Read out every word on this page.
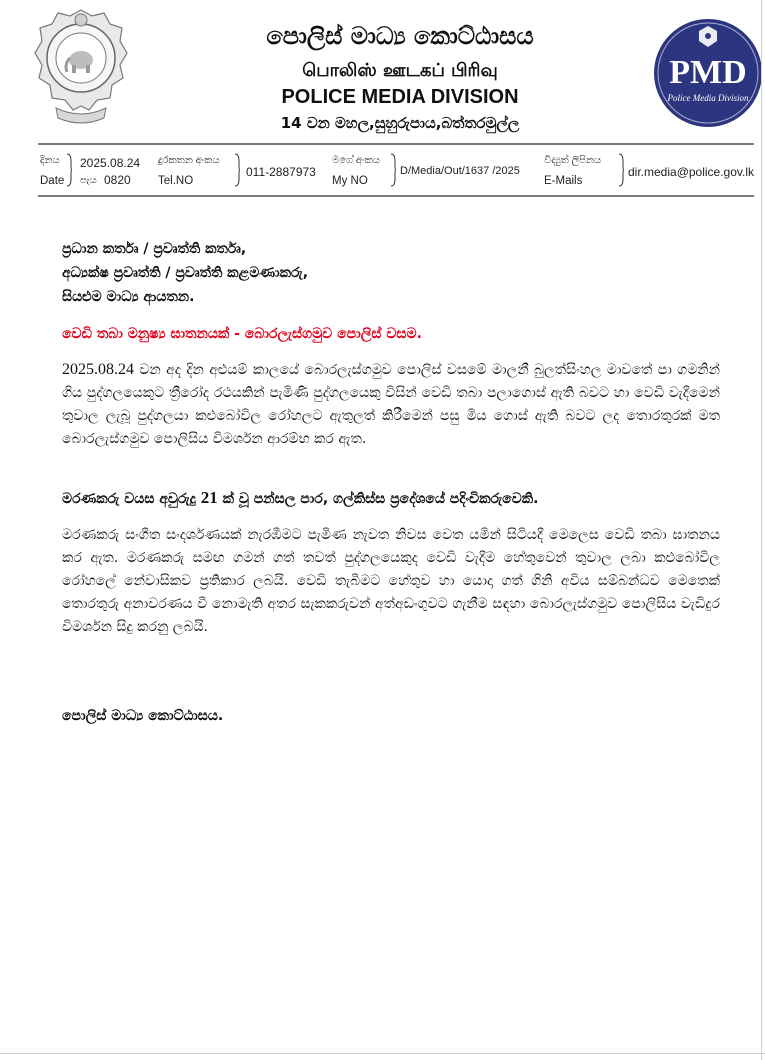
පොලිස් මාධ්‍ය කොට්ඨාසය
பொலிஸ் ஊடகப் பிரிவு
POLICE MEDIA DIVISION
14 වන මහල,සුහුරුපාය,බත්තරමුල්ල
PMD
Police Media Division
දිනය
Date
2025.08.24
පැය 0820
දුරකතන අංකය
Tel.NO
011-2887973
මගේ අංකය
My NO
D/Media/Out/1637 /2025
විද්‍යුත් ලිපිනය
E-Mails
dir.media@police.gov.lk
ප්‍රධාන කර්තෘ / ප්‍රවෘත්ති කර්තෘ,
අධ්‍යක්ෂ ප්‍රවෘත්ති / ප්‍රවෘත්ති කළමණාකරු,
සියළුම මාධ්‍ය ආයතන.
වෙඩි තබා මනුෂ්‍ය ඝාතනයක් - බොරලැස්ගමුව පොලිස් වසම.
2025.08.24 වන අද දින අළුයම් කාලයේ බොරලැස්ගමුව පොලිස් වසමේ මාලනී බුලත්සිංහල මාවතේ පා ගමනින් ගිය පුද්ගලයෙකුට ත්‍රීරෝද රථයකින් පැමිණි පුද්ගලයෙකු විසින් වෙඩි තබා පලාගොස් ඇති බවට හා වෙඩි වැදීමෙන් තුවාල ලැබූ පුද්ගලයා කළුබෝවිල රෝහලට ඇතුලත් කිරීමෙන් පසු මිය ගොස් ඇති බවට ලද තොරතුරක් මත බොරලැස්ගමුව පොලිසිය විමර්ශන ආරම්භ කර ඇත.
මරණකරු වයස අවුරුදු 21 ක් වූ පන්සල පාර, ගල්කිස්ස ප්‍රදේශයේ පදිංචිකරුවෙකි.
මරණකරු සංගීත සංදර්ශණයක් නැරඹීමට පැමිණ නැවත නිවස වෙත යමින් සිටියදී මෙලෙස වෙඩි තබා ඝාතනය කර ඇත. මරණකරු සමඟ ගමන් ගත් තවත් පුද්ගලයෙකුද වෙඩි වැදීම හේතුවෙන් තුවාල ලබා කළුබෝවිල රෝහලේ නේවාසිකව ප්‍රතිකාර ලබයි. වෙඩි තැබීමට හේතුව හා යොදා ගත් ගිනි අවිය සම්බන්ධව මෙතෙක් තොරතුරු අනාවරණය වී නොමැති අතර සැකකරුවන් අත්අඩංගුවට ගැනීම සඳහා බොරලැස්ගමුව පොලිසිය වැඩිදුර විමර්ශන සිදු කරනු ලබයි.
පොලිස් මාධ්‍ය කොට්ඨාසය.
